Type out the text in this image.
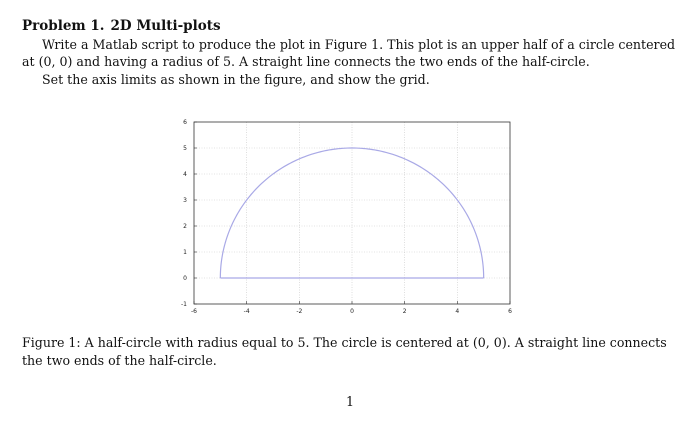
Problem 1. 2D Multi-plots

Write a Matlab script to produce the plot in Figure 1. This plot is an upper half of a circle centered at (0, 0) and having a radius of 5. A straight line connects the two ends of the half-circle.

Set the axis limits as shown in the figure, and show the grid.

-6	-4	-2	0	2	4	6
-1
0
1
2
3
4
5
6
Figure 1: A half-circle with radius equal to 5. The circle is centered at (0, 0). A straight line connects the two ends of the half-circle.
1
